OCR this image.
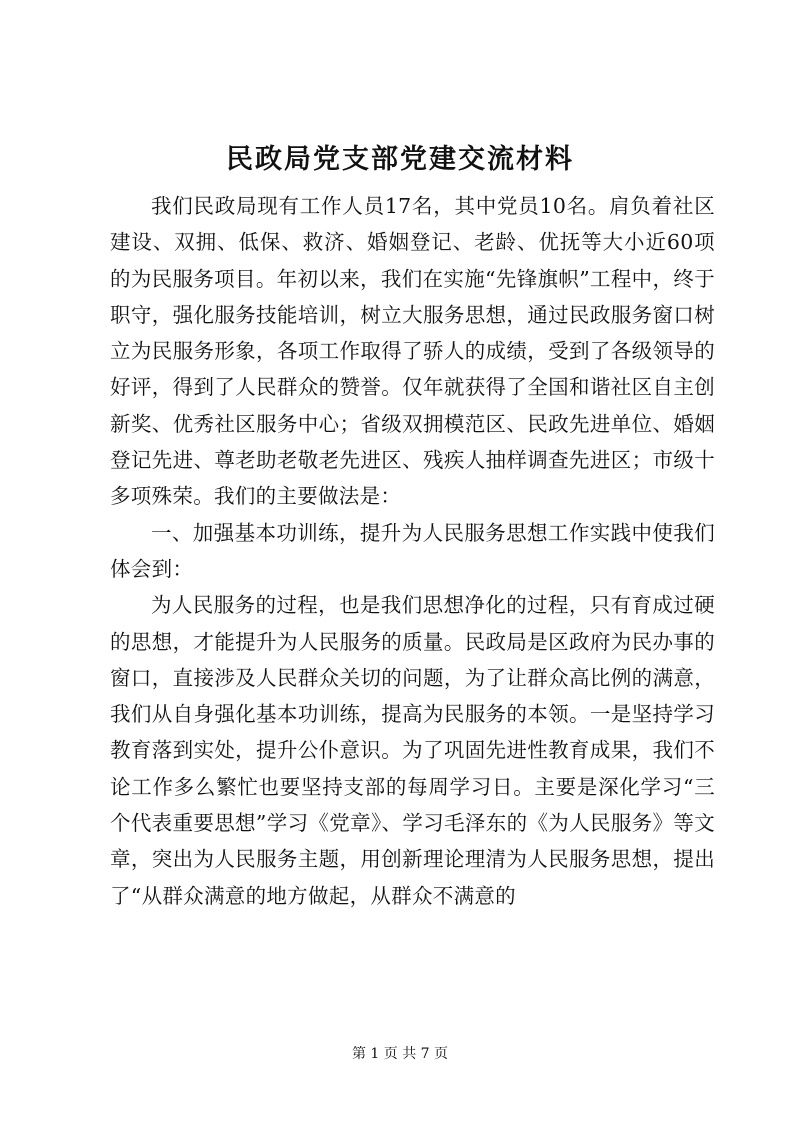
民政局党支部党建交流材料

我们民政局现有工作人员17名，其中党员10名。肩负着社区建设、双拥、低保、救济、婚姻登记、老龄、优抚等大小近60项的为民服务项目。年初以来，我们在实施“先锋旗帜”工程中，终于职守，强化服务技能培训，树立大服务思想，通过民政服务窗口树立为民服务形象，各项工作取得了骄人的成绩，受到了各级领导的好评，得到了人民群众的赞誉。仅年就获得了全国和谐社区自主创新奖、优秀社区服务中心；省级双拥模范区、民政先进单位、婚姻登记先进、尊老助老敬老先进区、残疾人抽样调查先进区；市级十多项殊荣。我们的主要做法是：

一、加强基本功训练，提升为人民服务思想工作实践中使我们体会到：

为人民服务的过程，也是我们思想净化的过程，只有育成过硬的思想，才能提升为人民服务的质量。民政局是区政府为民办事的窗口，直接涉及人民群众关切的问题，为了让群众高比例的满意，我们从自身强化基本功训练，提高为民服务的本领。一是坚持学习教育落到实处，提升公仆意识。为了巩固先进性教育成果，我们不论工作多么繁忙也要坚持支部的每周学习日。主要是深化学习“三个代表重要思想”学习《党章》、学习毛泽东的《为人民服务》等文章，突出为人民服务主题，用创新理论理清为人民服务思想，提出了“从群众满意的地方做起，从群众不满意的

第 1 页 共 7 页
